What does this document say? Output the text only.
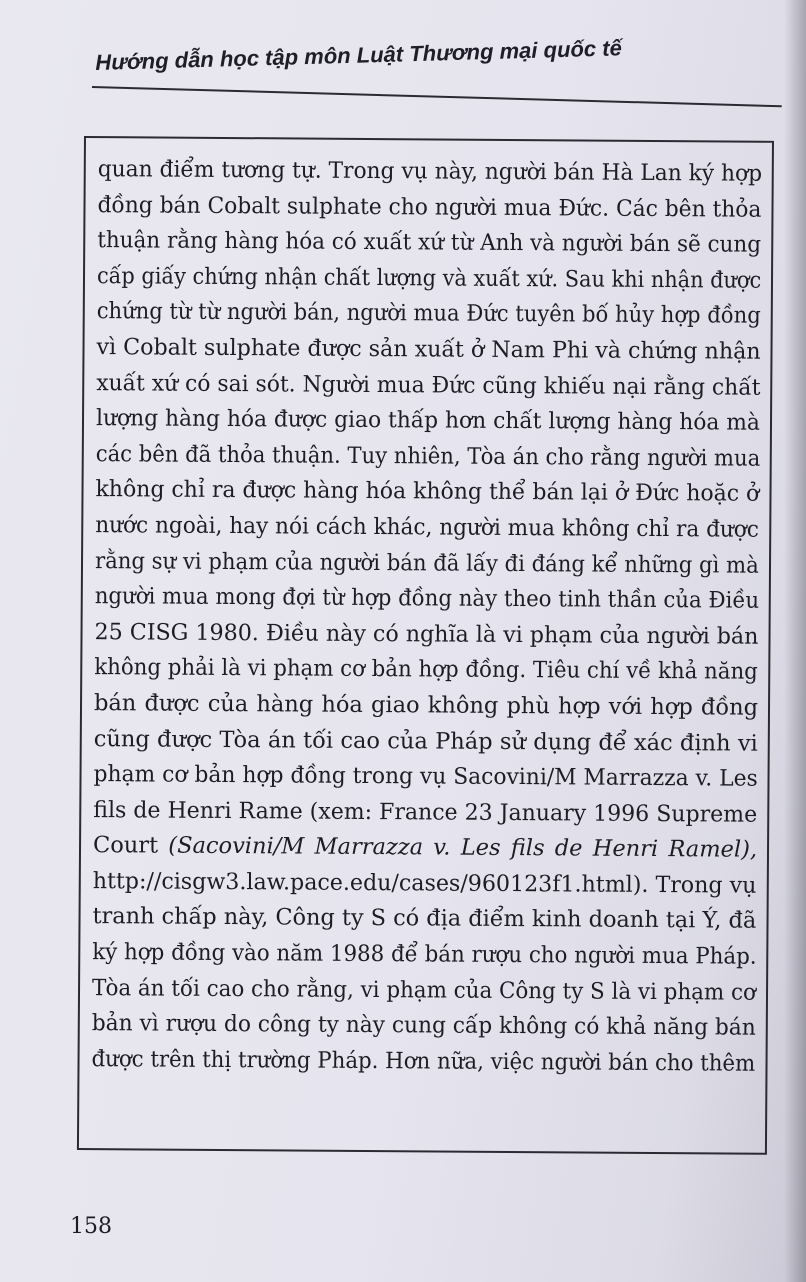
Hướng dẫn học tập môn Luật Thương mại quốc tế
quan điểm tương tự. Trong vụ này, người bán Hà Lan ký hợp
đồng bán Cobalt sulphate cho người mua Đức. Các bên thỏa
thuận rằng hàng hóa có xuất xứ từ Anh và người bán sẽ cung
cấp giấy chứng nhận chất lượng và xuất xứ. Sau khi nhận được
chứng từ từ người bán, người mua Đức tuyên bố hủy hợp đồng
vì Cobalt sulphate được sản xuất ở Nam Phi và chứng nhận
xuất xứ có sai sót. Người mua Đức cũng khiếu nại rằng chất
lượng hàng hóa được giao thấp hơn chất lượng hàng hóa mà
các bên đã thỏa thuận. Tuy nhiên, Tòa án cho rằng người mua
không chỉ ra được hàng hóa không thể bán lại ở Đức hoặc ở
nước ngoài, hay nói cách khác, người mua không chỉ ra được
rằng sự vi phạm của người bán đã lấy đi đáng kể những gì mà
người mua mong đợi từ hợp đồng này theo tinh thần của Điều
25 CISG 1980. Điều này có nghĩa là vi phạm của người bán
không phải là vi phạm cơ bản hợp đồng. Tiêu chí về khả năng
bán được của hàng hóa giao không phù hợp với hợp đồng
cũng được Tòa án tối cao của Pháp sử dụng để xác định vi
phạm cơ bản hợp đồng trong vụ Sacovini/M Marrazza v. Les
fils de Henri Rame (xem: France 23 January 1996 Supreme
Court (Sacovini/M Marrazza v. Les fils de Henri Ramel),
http://cisgw3.law.pace.edu/cases/960123f1.html). Trong vụ
tranh chấp này, Công ty S có địa điểm kinh doanh tại Ý, đã
ký hợp đồng vào năm 1988 để bán rượu cho người mua Pháp.
Tòa án tối cao cho rằng, vi phạm của Công ty S là vi phạm cơ
bản vì rượu do công ty này cung cấp không có khả năng bán
được trên thị trường Pháp. Hơn nữa, việc người bán cho thêm

158
